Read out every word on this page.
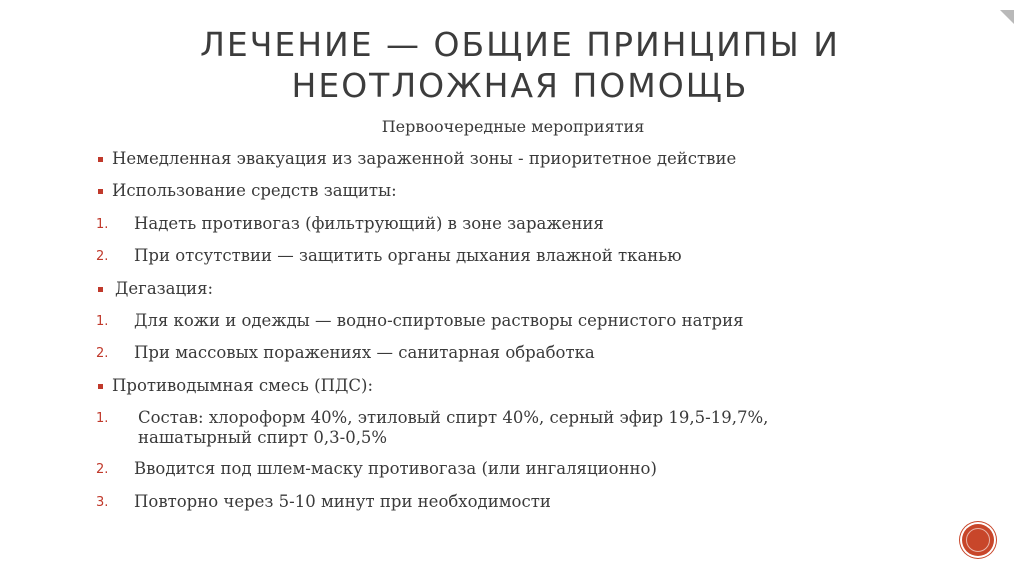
ЛЕЧЕНИЕ — ОБЩИЕ ПРИНЦИПЫ И
НЕОТЛОЖНАЯ ПОМОЩЬ
Первоочередные мероприятия
Немедленная эвакуация из зараженной зоны - приоритетное действие
Использование средств защиты:
1. Надеть противогаз (фильтрующий) в зоне заражения
2. При отсутствии — защитить органы дыхания влажной тканью
Дегазация:
1. Для кожи и одежды — водно-спиртовые растворы сернистого натрия
2. При массовых поражениях — санитарная обработка
Противодымная смесь (ПДС):
1. Состав: хлороформ 40%, этиловый спирт 40%, серный эфир 19,5-19,7%,
нашатырный спирт 0,3-0,5%
2. Вводится под шлем-маску противогаза (или ингаляционно)
3. Повторно через 5-10 минут при необходимости
